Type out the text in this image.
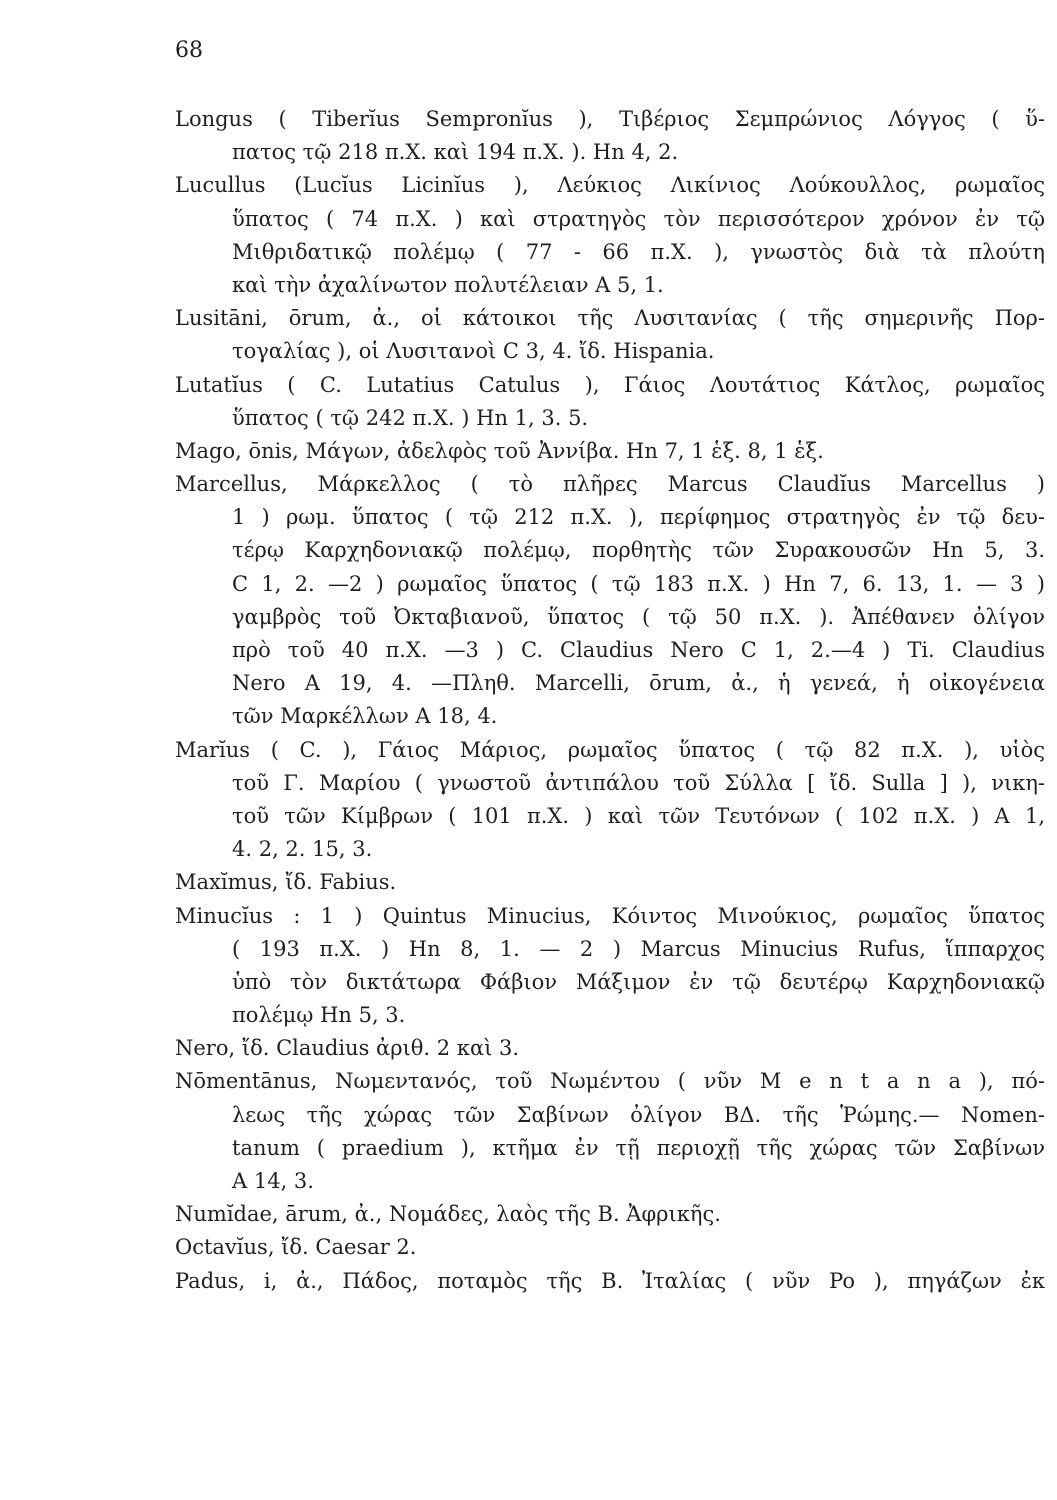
68
Longus ( Tiberĭus Sempronĭus ), Τιβέριος Σεμπρώνιος Λόγγος ( ὕ-
πατος τῷ 218 π.Χ. καὶ 194 π.Χ. ). Ηn 4, 2.
Lucullus (Lucĭus Licinĭus ), Λεύκιος Λικίνιος Λούκουλλος, ρωμαῖος
ὕπατος ( 74 π.Χ. ) καὶ στρατηγὸς τὸν περισσότερον χρόνον ἐν τῷ
Μιθριδατικῷ πολέμῳ ( 77 - 66 π.Χ. ), γνωστὸς διὰ τὰ πλούτη
καὶ τὴν ἀχαλίνωτον πολυτέλειαν Α 5, 1.
Lusitāni, ōrum, ἀ., οἱ κάτοικοι τῆς Λυσιτανίας ( τῆς σημερινῆς Πορ-
τογαλίας ), οἱ Λυσιτανοὶ C 3, 4. ἴδ. Hispania.
Lutatĭus ( C. Lutatius Catulus ), Γάιος Λουτάτιος Κάτλος, ρωμαῖος
ὕπατος ( τῷ 242 π.Χ. ) Ηn 1, 3. 5.
Mago, ōnis, Μάγων, ἀδελφὸς τοῦ Ἀννίβα. Ηn 7, 1 ἑξ. 8, 1 ἑξ.
Marcellus, Μάρκελλος ( τὸ πλῆρες Marcus Claudĭus Marcellus )
1 ) ρωμ. ὕπατος ( τῷ 212 π.Χ. ), περίφημος στρατηγὸς ἐν τῷ δευ-
τέρῳ Καρχηδονιακῷ πολέμῳ, πορθητὴς τῶν Συρακουσῶν Ηn 5, 3.
C 1, 2. —2 ) ρωμαῖος ὕπατος ( τῷ 183 π.Χ. ) Ηn 7, 6. 13, 1. — 3 )
γαμβρὸς τοῦ Ὀκταβιανοῦ, ὕπατος ( τῷ 50 π.Χ. ). Ἀπέθανεν ὀλίγον
πρὸ τοῦ 40 π.Χ. —3 ) C. Claudius Nero C 1, 2.—4 ) Ti. Claudius
Nero Α 19, 4. —Πληθ. Marcelli, ōrum, ἀ., ἡ γενεά, ἡ οἰκογένεια
τῶν Μαρκέλλων Α 18, 4.
Marĭus ( C. ), Γάιος Μάριος, ρωμαῖος ὕπατος ( τῷ 82 π.Χ. ), υἱὸς
τοῦ Γ. Μαρίου ( γνωστοῦ ἀντιπάλου τοῦ Σύλλα [ ἴδ. Sulla ] ), νικη-
τοῦ τῶν Κίμβρων ( 101 π.Χ. ) καὶ τῶν Τευτόνων ( 102 π.Χ. ) Α 1,
4. 2, 2. 15, 3.
Maxĭmus, ἴδ. Fabius.
Minucĭus : 1 ) Quintus Minucius, Κόιντος Μινούκιος, ρωμαῖος ὕπατος
( 193 π.Χ. ) Ηn 8, 1. — 2 ) Marcus Minucius Rufus, ἵππαρχος
ὑπὸ τὸν δικτάτωρα Φάβιον Μάξιμον ἐν τῷ δευτέρῳ Καρχηδονιακῷ
πολέμῳ Ηn 5, 3.
Nero, ἴδ. Claudius ἀριθ. 2 καὶ 3.
Nōmentānus, Νωμεντανός, τοῦ Νωμέντου ( νῦν M e n t a n a ), πό-
λεως τῆς χώρας τῶν Σαβίνων ὀλίγον ΒΔ. τῆς Ῥώμης.— Nomen-
tanum ( praedium ), κτῆμα ἐν τῇ περιοχῇ τῆς χώρας τῶν Σαβίνων
Α 14, 3.
Numĭdae, ārum, ἀ., Νομάδες, λαὸς τῆς Β. Ἀφρικῆς.
Octavĭus, ἴδ. Caesar 2.
Padus, i, ἀ., Πάδος, ποταμὸς τῆς Β. Ἰταλίας ( νῦν Po ), πηγάζων ἐκ
